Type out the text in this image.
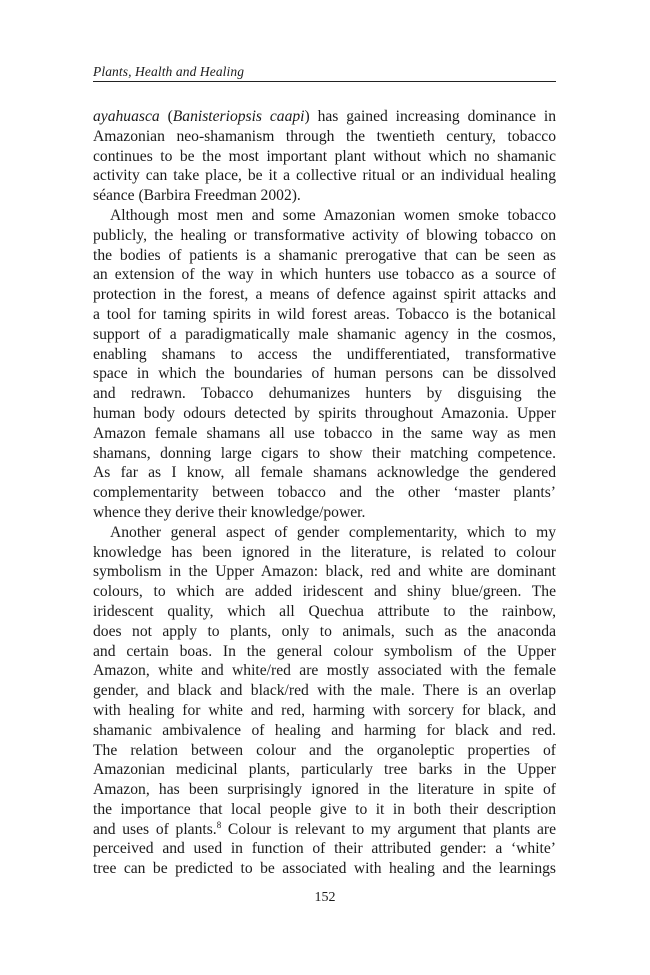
Plants, Health and Healing
ayahuasca (Banisteriopsis caapi) has gained increasing dominance in
Amazonian neo-shamanism through the twentieth century, tobacco
continues to be the most important plant without which no shamanic
activity can take place, be it a collective ritual or an individual healing
séance (Barbira Freedman 2002).
Although most men and some Amazonian women smoke tobacco
publicly, the healing or transformative activity of blowing tobacco on
the bodies of patients is a shamanic prerogative that can be seen as
an extension of the way in which hunters use tobacco as a source of
protection in the forest, a means of defence against spirit attacks and
a tool for taming spirits in wild forest areas. Tobacco is the botanical
support of a paradigmatically male shamanic agency in the cosmos,
enabling shamans to access the undifferentiated, transformative
space in which the boundaries of human persons can be dissolved
and redrawn. Tobacco dehumanizes hunters by disguising the
human body odours detected by spirits throughout Amazonia. Upper
Amazon female shamans all use tobacco in the same way as men
shamans, donning large cigars to show their matching competence.
As far as I know, all female shamans acknowledge the gendered
complementarity between tobacco and the other ‘master plants’
whence they derive their knowledge/power.
Another general aspect of gender complementarity, which to my
knowledge has been ignored in the literature, is related to colour
symbolism in the Upper Amazon: black, red and white are dominant
colours, to which are added iridescent and shiny blue/green. The
iridescent quality, which all Quechua attribute to the rainbow,
does not apply to plants, only to animals, such as the anaconda
and certain boas. In the general colour symbolism of the Upper
Amazon, white and white/red are mostly associated with the female
gender, and black and black/red with the male. There is an overlap
with healing for white and red, harming with sorcery for black, and
shamanic ambivalence of healing and harming for black and red.
The relation between colour and the organoleptic properties of
Amazonian medicinal plants, particularly tree barks in the Upper
Amazon, has been surprisingly ignored in the literature in spite of
the importance that local people give to it in both their description
and uses of plants.$^8$ Colour is relevant to my argument that plants are
perceived and used in function of their attributed gender: a ‘white’
tree can be predicted to be associated with healing and the learnings
152
